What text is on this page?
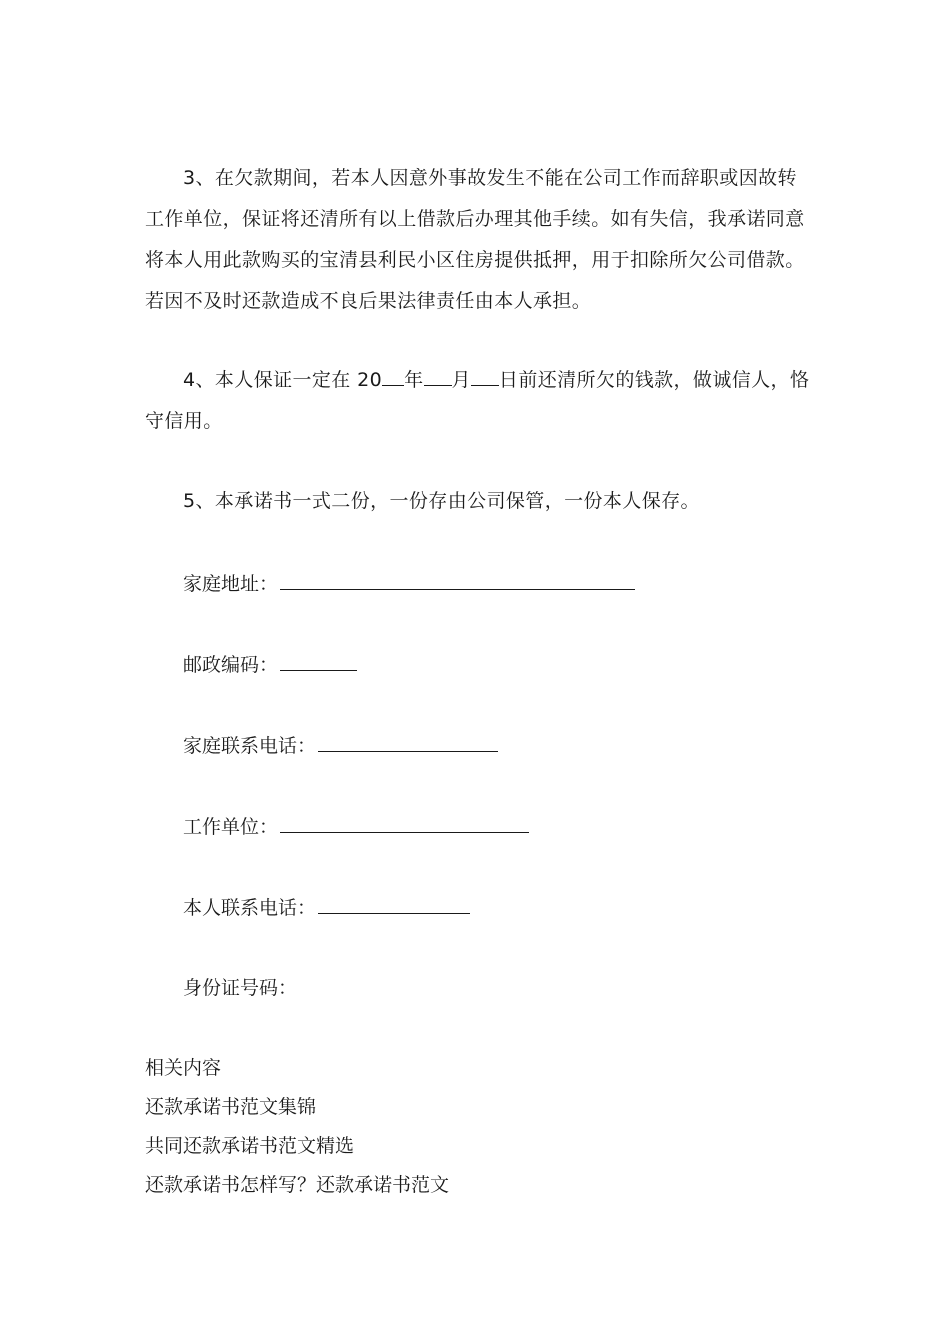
3、在欠款期间，若本人因意外事故发生不能在公司工作而辞职或因故转工作单位，保证将还清所有以上借款后办理其他手续。如有失信，我承诺同意将本人用此款购买的宝清县利民小区住房提供抵押，用于扣除所欠公司借款。若因不及时还款造成不良后果法律责任由本人承担。

4、本人保证一定在 20 年 月 日前还清所欠的钱款，做诚信人，恪守信用。

5、本承诺书一式二份，一份存由公司保管，一份本人保存。

家庭地址：
邮政编码：
家庭联系电话：
工作单位：
本人联系电话：
身份证号码：
相关内容
还款承诺书范文集锦
共同还款承诺书范文精选
还款承诺书怎样写？还款承诺书范文
